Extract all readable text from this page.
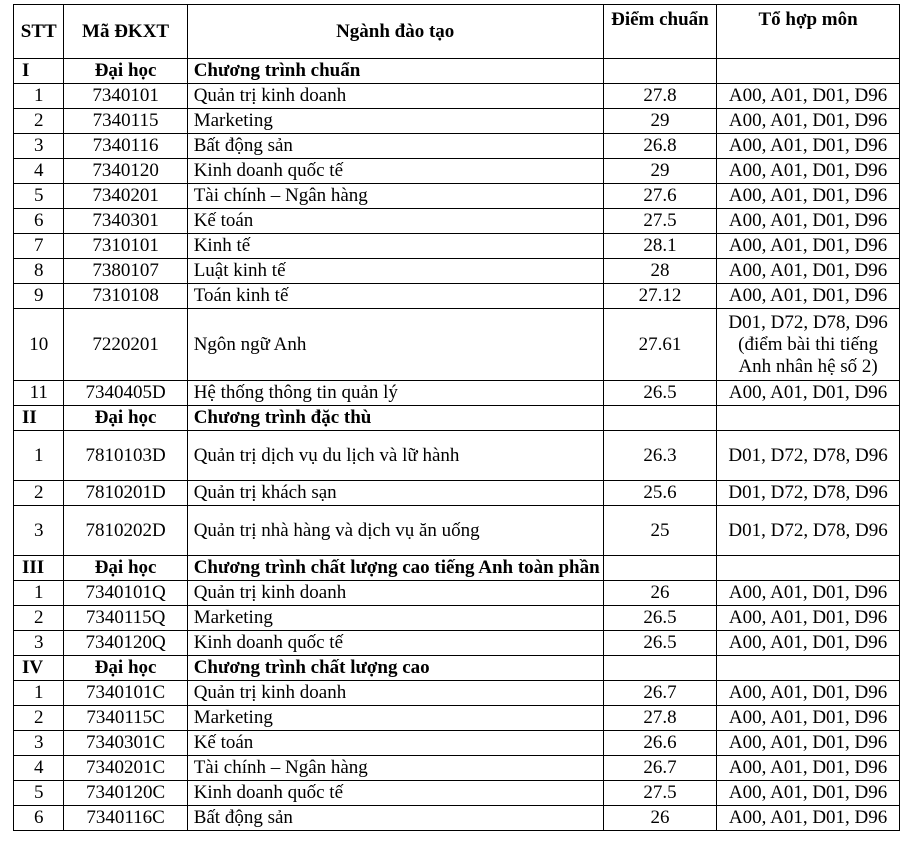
STT	Mã ĐKXT	Ngành đào tạo	Điểm chuẩn	Tổ hợp môn
I	Đại học	Chương trình chuẩn		
1	7340101	Quản trị kinh doanh	27.8	A00, A01, D01, D96
2	7340115	Marketing	29	A00, A01, D01, D96
3	7340116	Bất động sản	26.8	A00, A01, D01, D96
4	7340120	Kinh doanh quốc tế	29	A00, A01, D01, D96
5	7340201	Tài chính – Ngân hàng	27.6	A00, A01, D01, D96
6	7340301	Kế toán	27.5	A00, A01, D01, D96
7	7310101	Kinh tế	28.1	A00, A01, D01, D96
8	7380107	Luật kinh tế	28	A00, A01, D01, D96
9	7310108	Toán kinh tế	27.12	A00, A01, D01, D96
10	7220201	Ngôn ngữ Anh	27.61	D01, D72, D78, D96 (điểm bài thi tiếng Anh nhân hệ số 2)
11	7340405D	Hệ thống thông tin quản lý	26.5	A00, A01, D01, D96
II	Đại học	Chương trình đặc thù		
1	7810103D	Quản trị dịch vụ du lịch và lữ hành	26.3	D01, D72, D78, D96
2	7810201D	Quản trị khách sạn	25.6	D01, D72, D78, D96
3	7810202D	Quản trị nhà hàng và dịch vụ ăn uống	25	D01, D72, D78, D96
III	Đại học	Chương trình chất lượng cao tiếng Anh toàn phần		
1	7340101Q	Quản trị kinh doanh	26	A00, A01, D01, D96
2	7340115Q	Marketing	26.5	A00, A01, D01, D96
3	7340120Q	Kinh doanh quốc tế	26.5	A00, A01, D01, D96
IV	Đại học	Chương trình chất lượng cao		
1	7340101C	Quản trị kinh doanh	26.7	A00, A01, D01, D96
2	7340115C	Marketing	27.8	A00, A01, D01, D96
3	7340301C	Kế toán	26.6	A00, A01, D01, D96
4	7340201C	Tài chính – Ngân hàng	26.7	A00, A01, D01, D96
5	7340120C	Kinh doanh quốc tế	27.5	A00, A01, D01, D96
6	7340116C	Bất động sản	26	A00, A01, D01, D96
